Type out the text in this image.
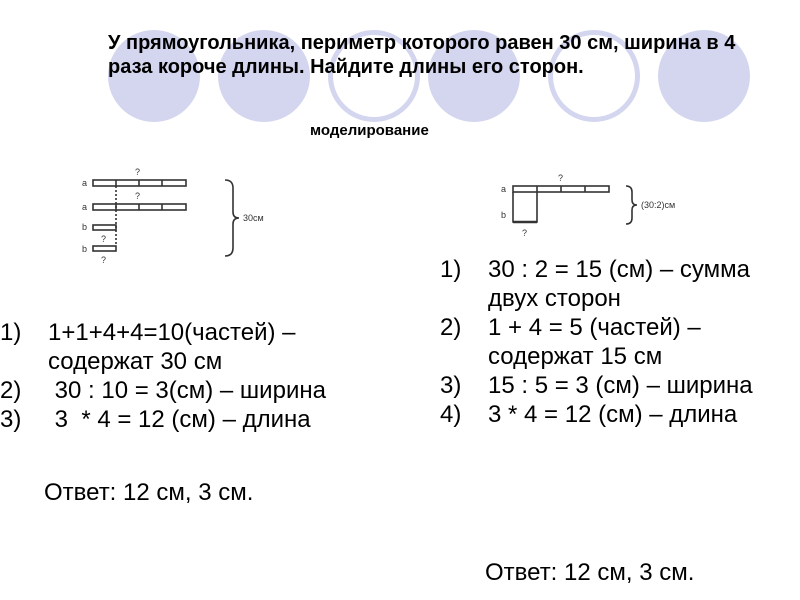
У прямоугольника, периметр которого равен 30 см, ширина в 4 раза короче длины. Найдите длины его сторон.
моделирование
a
a
b
b
?
?
?
?
30см
a
b
?
?
(30:2)см
1) 1+1+4+4=10(частей) – содержат 30 см
2) 30 : 10 = 3(см) – ширина
3) 3  * 4 = 12 (см) – длина
Ответ: 12 см, 3 см.
1) 30 : 2 = 15 (см) – сумма двух сторон
2) 1 + 4 = 5 (частей) – содержат 15 см
3) 15 : 5 = 3 (см) – ширина
4) 3 * 4 = 12 (см) – длина
Ответ: 12 см, 3 см.
